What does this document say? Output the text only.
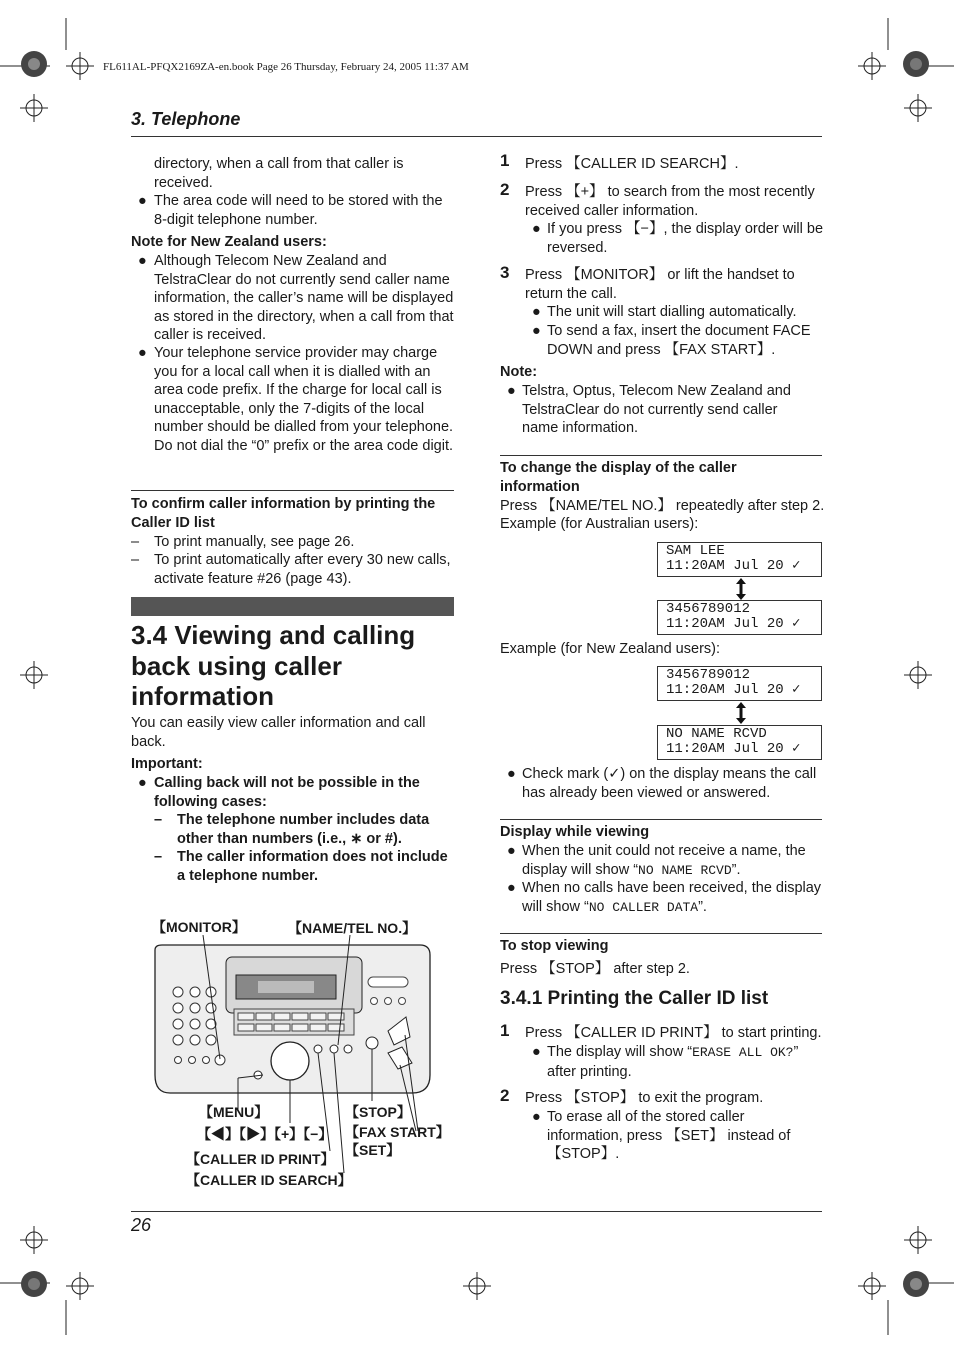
FL611AL-PFQX2169ZA-en.book Page 26 Thursday, February 24, 2005 11:37 AM
3. Telephone
directory, when a call from that caller is received.
● The area code will need to be stored with the 8-digit telephone number.
Note for New Zealand users:
● Although Telecom New Zealand and TelstraClear do not currently send caller name information, the caller’s name will be displayed as stored in the directory, when a call from that caller is received.
● Your telephone service provider may charge you for a local call when it is dialled with an area code prefix. If the charge for local call is unacceptable, only the 7-digits of the local number should be dialled from your telephone. Do not dial the “0” prefix or the area code digit.
To confirm caller information by printing the Caller ID list
– To print manually, see page 26.
– To print automatically after every 30 new calls, activate feature #26 (page 43).
3.4 Viewing and calling back using caller information
You can easily view caller information and call back.
Important:
● Calling back will not be possible in the following cases:
– The telephone number includes data other than numbers (i.e., ∗ or #).
– The caller information does not include a telephone number.
【MONITOR】	【NAME/TEL NO.】
【MENU】
【◀】【▶】【+】【−】
【CALLER ID PRINT】
【CALLER ID SEARCH】
【STOP】
【FAX START】
【SET】
1 Press 【CALLER ID SEARCH】.
2 Press 【+】 to search from the most recently received caller information.
● If you press 【−】, the display order will be reversed.
3 Press 【MONITOR】 or lift the handset to return the call.
● The unit will start dialling automatically.
● To send a fax, insert the document FACE DOWN and press 【FAX START】.
Note:
● Telstra, Optus, Telecom New Zealand and TelstraClear do not currently send caller name information.
To change the display of the caller information
Press 【NAME/TEL NO.】 repeatedly after step 2.
Example (for Australian users):
SAM LEE
11:20AM Jul 20 ✓
3456789012
11:20AM Jul 20 ✓
Example (for New Zealand users):
3456789012
11:20AM Jul 20 ✓
NO NAME RCVD
11:20AM Jul 20 ✓
● Check mark (✓) on the display means the call has already been viewed or answered.
Display while viewing
● When the unit could not receive a name, the display will show “NO NAME RCVD”.
● When no calls have been received, the display will show “NO CALLER DATA”.
To stop viewing
Press 【STOP】 after step 2.
3.4.1 Printing the Caller ID list
1 Press 【CALLER ID PRINT】 to start printing.
● The display will show “ERASE ALL OK?” after printing.
2 Press 【STOP】 to exit the program.
● To erase all of the stored caller information, press 【SET】 instead of 【STOP】.
26
